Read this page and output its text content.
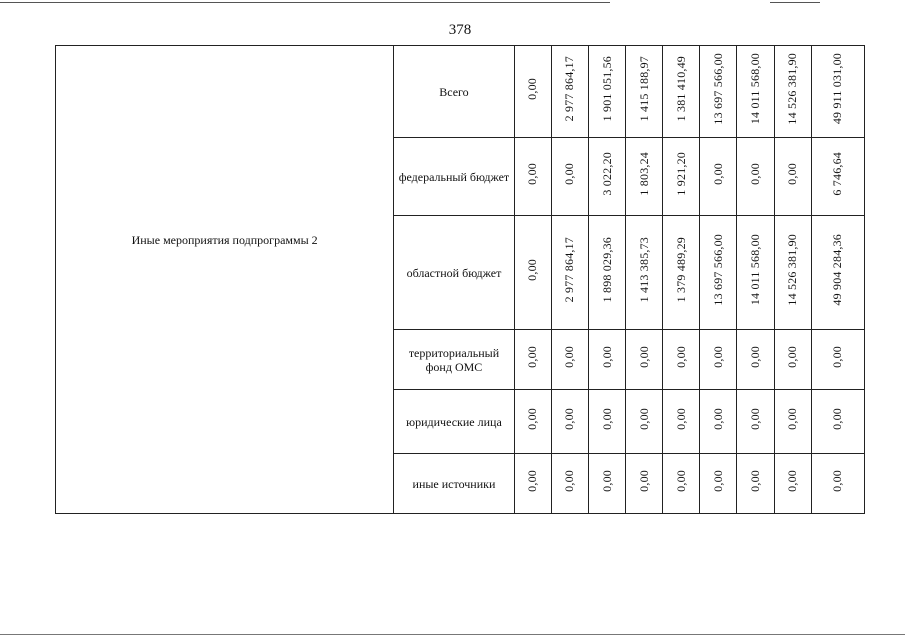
378
Иные мероприятия подпрограммы 2	Всего	0,00	2 977 864,17	1 901 051,56	1 415 188,97	1 381 410,49	13 697 566,00	14 011 568,00	14 526 381,90	49 911 031,00
	федеральный бюджет	0,00	0,00	3 022,20	1 803,24	1 921,20	0,00	0,00	0,00	6 746,64
	областной бюджет	0,00	2 977 864,17	1 898 029,36	1 413 385,73	1 379 489,29	13 697 566,00	14 011 568,00	14 526 381,90	49 904 284,36
	территориальный фонд ОМС	0,00	0,00	0,00	0,00	0,00	0,00	0,00	0,00	0,00
	юридические лица	0,00	0,00	0,00	0,00	0,00	0,00	0,00	0,00	0,00
	иные источники	0,00	0,00	0,00	0,00	0,00	0,00	0,00	0,00	0,00
